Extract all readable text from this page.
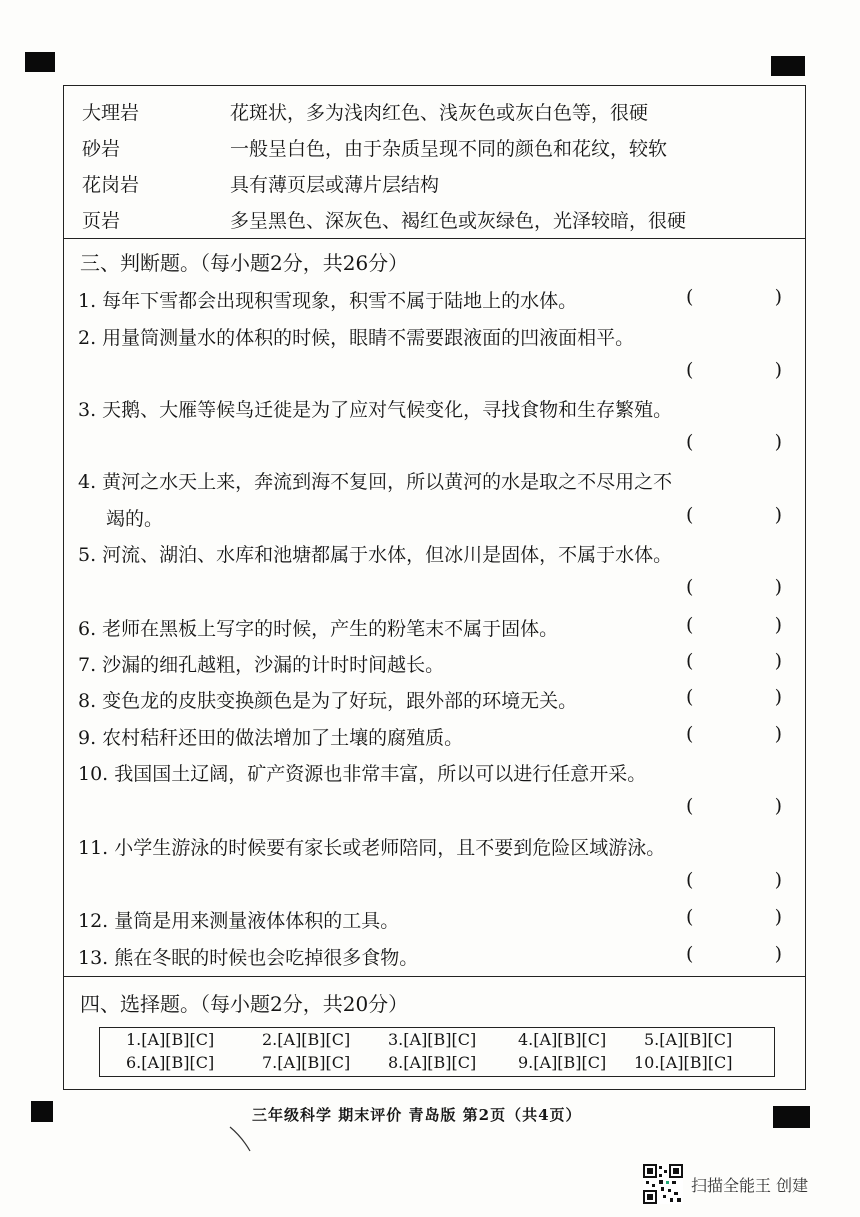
大理岩	花斑状，多为浅肉红色、浅灰色或灰白色等，很硬
砂岩	一般呈白色，由于杂质呈现不同的颜色和花纹，较软
花岗岩	具有薄页层或薄片层结构
页岩	多呈黑色、深灰色、褐红色或灰绿色，光泽较暗，很硬
三、判断题。（每小题2分，共26分）
1. 每年下雪都会出现积雪现象，积雪不属于陆地上的水体。	(	)
2. 用量筒测量水的体积的时候，眼睛不需要跟液面的凹液面相平。
(	)
3. 天鹅、大雁等候鸟迁徙是为了应对气候变化，寻找食物和生存繁殖。
(	)
4. 黄河之水天上来，奔流到海不复回，所以黄河的水是取之不尽用之不
竭的。	(	)
5. 河流、湖泊、水库和池塘都属于水体，但冰川是固体，不属于水体。
(	)
6. 老师在黑板上写字的时候，产生的粉笔末不属于固体。	(	)
7. 沙漏的细孔越粗，沙漏的计时时间越长。	(	)
8. 变色龙的皮肤变换颜色是为了好玩，跟外部的环境无关。	(	)
9. 农村秸秆还田的做法增加了土壤的腐殖质。	(	)
10. 我国国土辽阔，矿产资源也非常丰富，所以可以进行任意开采。
(	)
11. 小学生游泳的时候要有家长或老师陪同，且不要到危险区域游泳。
(	)
12. 量筒是用来测量液体体积的工具。	(	)
13. 熊在冬眠的时候也会吃掉很多食物。	(	)
四、选择题。（每小题2分，共20分）
1.[A][B][C]	2.[A][B][C] 3.[A][B][C]	4.[A][B][C] 5.[A][B][C]
6.[A][B][C]	7.[A][B][C] 8.[A][B][C]	9.[A][B][C] 10.[A][B][C]
三年级科学 期末评价 青岛版 第2页（共4页）
扫描全能王 创建
